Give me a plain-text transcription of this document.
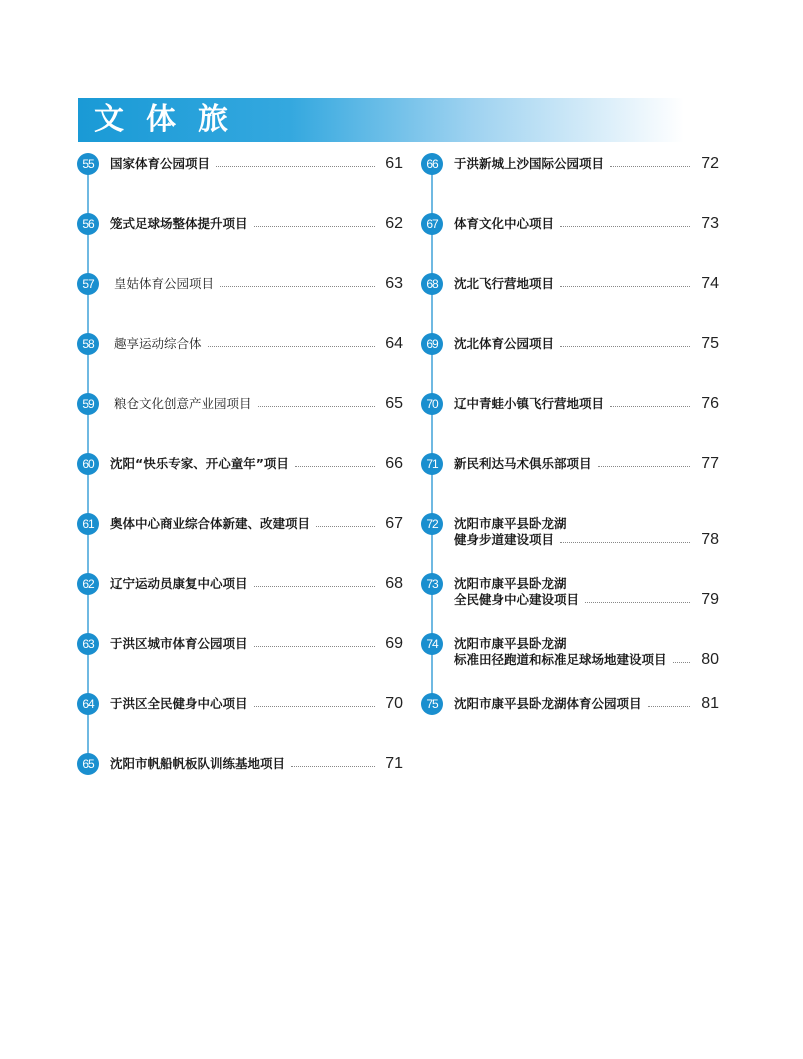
文体旅
55	国家体育公园项目	61
56	笼式足球场整体提升项目	62
57	皇姑体育公园项目	63
58	趣享运动综合体	64
59	粮仓文化创意产业园项目	65
60	沈阳“快乐专家、开心童年”项目	66
61	奥体中心商业综合体新建、改建项目	67
62	辽宁运动员康复中心项目	68
63	于洪区城市体育公园项目	69
64	于洪区全民健身中心项目	70
65	沈阳市帆船帆板队训练基地项目	71
66	于洪新城上沙国际公园项目	72
67	体育文化中心项目	73
68	沈北飞行营地项目	74
69	沈北体育公园项目	75
70	辽中青蛙小镇飞行营地项目	76
71	新民利达马术俱乐部项目	77
72	沈阳市康平县卧龙湖
健身步道建设项目	78
73	沈阳市康平县卧龙湖
全民健身中心建设项目	79
74	沈阳市康平县卧龙湖
标准田径跑道和标准足球场地建设项目	80
75	沈阳市康平县卧龙湖体育公园项目	81
